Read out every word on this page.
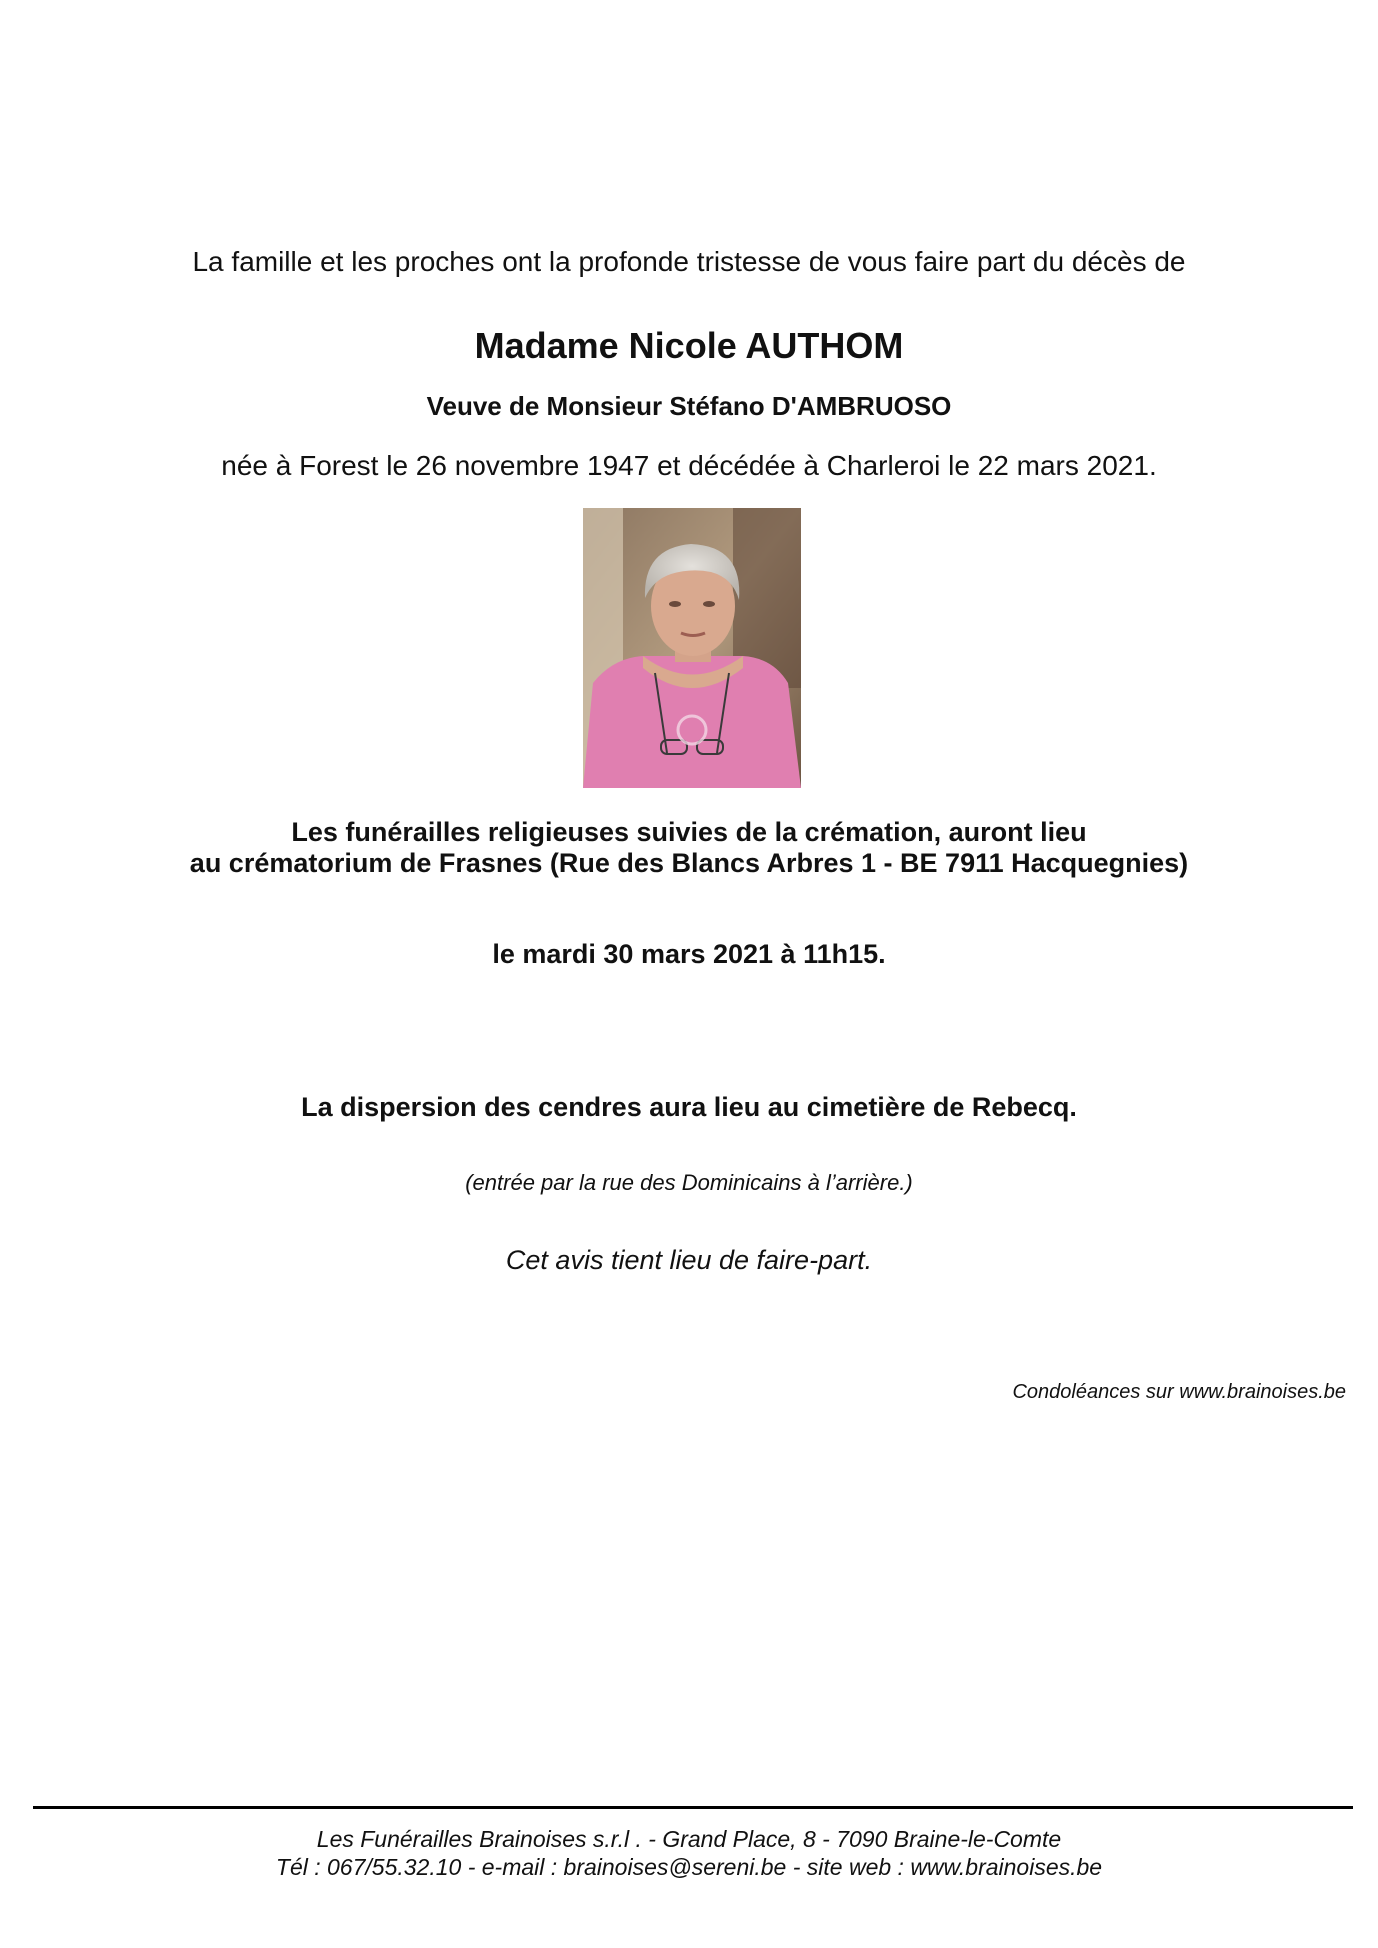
La famille et les proches ont la profonde tristesse de vous faire part du décès de
Madame Nicole AUTHOM
Veuve de Monsieur Stéfano D'AMBRUOSO
née à Forest le 26 novembre 1947 et décédée à Charleroi le 22 mars 2021.
Les funérailles religieuses suivies de la crémation, auront lieu
au crématorium de Frasnes (Rue des Blancs Arbres 1 - BE 7911 Hacquegnies)
le mardi 30 mars 2021 à 11h15.
La dispersion des cendres aura lieu au cimetière de Rebecq.
(entrée par la rue des Dominicains à l’arrière.)
Cet avis tient lieu de faire-part.
Condoléances sur www.brainoises.be
Les Funérailles Brainoises s.r.l . - Grand Place, 8 - 7090 Braine-le-Comte
Tél : 067/55.32.10 - e-mail : brainoises@sereni.be - site web : www.brainoises.be
